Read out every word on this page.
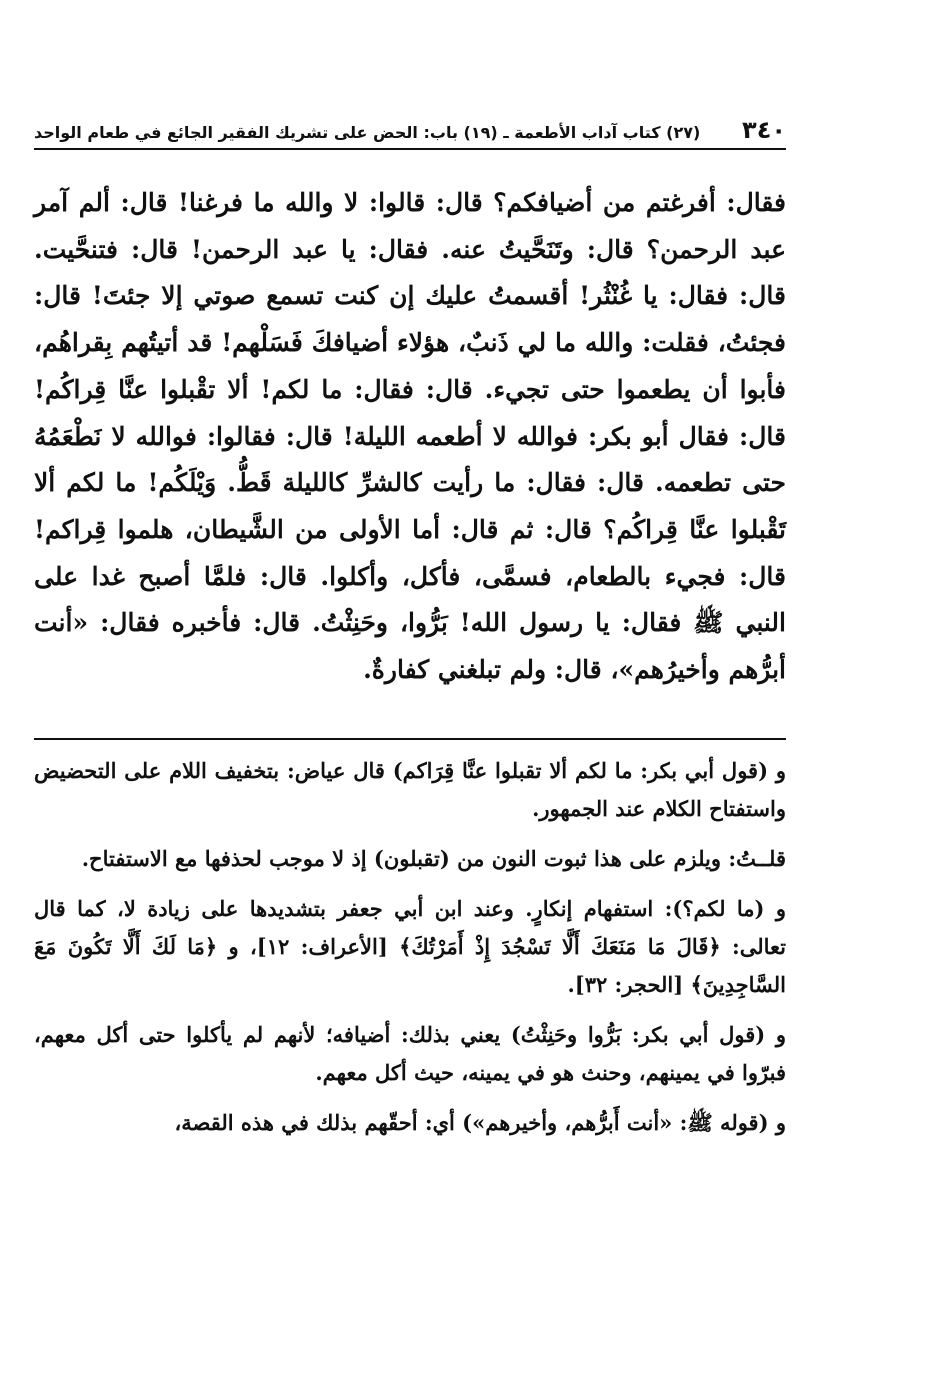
٣٤٠
(٢٧) كتاب آداب الأطعمة ـ (١٩) باب: الحض على تشريك الفقير الجائع في طعام الواحد

فقال: أفرغتم من أضيافكم؟ قال: قالوا: لا والله ما فرغنا! قال: ألم آمر عبد الرحمن؟ قال: وتَنَحَّيتُ عنه. فقال: يا عبد الرحمن! قال: فتنحَّيت. قال: فقال: يا غُنْثُر! أقسمتُ عليك إن كنت تسمع صوتي إلا جئتَ! قال: فجئتُ، فقلت: والله ما لي ذَنبٌ، هؤلاء أضيافكَ فَسَلْهم! قد أتيتُهم بِقراهُم، فأبوا أن يطعموا حتى تجيء. قال: فقال: ما لكم! ألا تقْبلوا عنَّا قِراكُم! قال: فقال أبو بكر: فوالله لا أطعمه الليلة! قال: فقالوا: فوالله لا نَطْعَمُهُ حتى تطعمه. قال: فقال: ما رأيت كالشرِّ كالليلة قَطُّ. وَيْلَكُم! ما لكم ألا تَقْبلوا عنَّا قِراكُم؟ قال: ثم قال: أما الأولى من الشَّيطان، هلموا قِراكم! قال: فجيء بالطعام، فسمَّى، فأكل، وأكلوا. قال: فلمَّا أصبح غدا على النبي ﷺ فقال: يا رسول الله! بَرُّوا، وحَنِثْتُ. قال: فأخبره فقال: «أنت أبرُّهم وأخيرُهم»، قال: ولم تبلغني كفارةٌ.

و (قول أبي بكر: ما لكم ألا تقبلوا عنَّا قِرَاكم) قال عياض: بتخفيف اللام على التحضيض واستفتاح الكلام عند الجمهور.

قلــتُ: ويلزم على هذا ثبوت النون من (تقبلون) إذ لا موجب لحذفها مع الاستفتاح.

و (ما لكم؟): استفهام إنكارٍ. وعند ابن أبي جعفر بتشديدها على زيادة لا، كما قال تعالى: ﴿قَالَ مَا مَنَعَكَ أَلَّا تَسْجُدَ إِذْ أَمَرْتُكَ﴾ [الأعراف: ١٢]، و ﴿مَا لَكَ أَلَّا تَكُونَ مَعَ السَّاجِدِينَ﴾ [الحجر: ٣٢].

و (قول أبي بكر: بَرُّوا وحَنِثْتُ) يعني بذلك: أضيافه؛ لأنهم لم يأكلوا حتى أكل معهم، فبرّوا في يمينهم، وحنث هو في يمينه، حيث أكل معهم.

و (قوله ﷺ: «أنت أَبرُّهم، وأخيرهم») أي: أحقّهم بذلك في هذه القصة،
